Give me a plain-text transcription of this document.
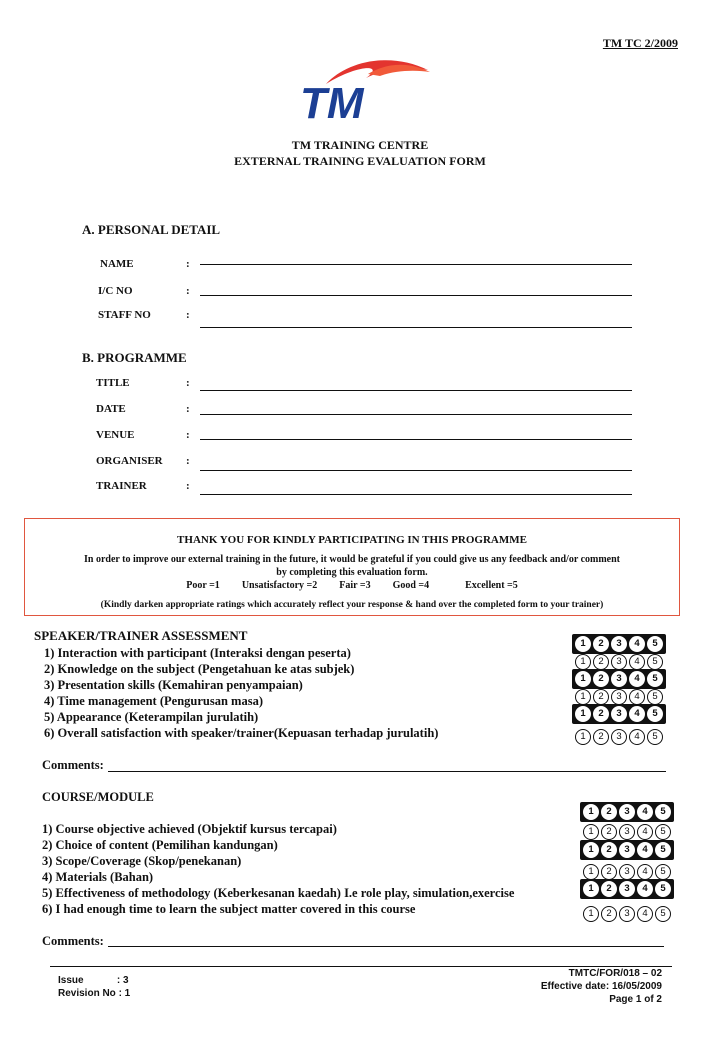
TM TC 2/2009
TM
TM TRAINING CENTRE
EXTERNAL TRAINING EVALUATION FORM
A. PERSONAL DETAIL
NAME	:
I/C NO	:
STAFF NO	:
B. PROGRAMME
TITLE	:
DATE	:
VENUE	:
ORGANISER :
TRAINER	:
THANK YOU FOR KINDLY PARTICIPATING IN THIS PROGRAMME
In order to improve our external training in the future, it would be grateful if you could give us any feedback and/or comment
by completing this evaluation form.
Poor =1 Unsatisfactory =2 Fair =3 Good =4	Excellent =5
(Kindly darken appropriate ratings which accurately reflect your response & hand over the completed form to your trainer)
SPEAKER/TRAINER ASSESSMENT
1) Interaction with participant (Interaksi dengan peserta)
2) Knowledge on the subject (Pengetahuan ke atas subjek)
3) Presentation skills (Kemahiran penyampaian)
4) Time management (Pengurusan masa)
5) Appearance (Keterampilan jurulatih)
6) Overall satisfaction with speaker/trainer(Kepuasan terhadap jurulatih)
1	2	3	4	5
1	2	3	4	5
1	2	3	4	5
1	2	3	4	5
1	2	3	4	5
1	2	3	4	5
Comments:
COURSE/MODULE
1) Course objective achieved (Objektif kursus tercapai)
2) Choice of content (Pemilihan kandungan)
3) Scope/Coverage (Skop/penekanan)
4) Materials (Bahan)
5) Effectiveness of methodology (Keberkesanan kaedah) I.e role play, simulation,exercise
6) I had enough time to learn the subject matter covered in this course
1	2	3	4	5
1	2	3	4	5
1	2	3	4	5
1	2	3	4	5
1	2	3	4	5
1	2	3	4	5
Comments:
Issue            : 3
Revision No : 1
TMTC/FOR/018 – 02
Effective date: 16/05/2009
Page 1 of 2
